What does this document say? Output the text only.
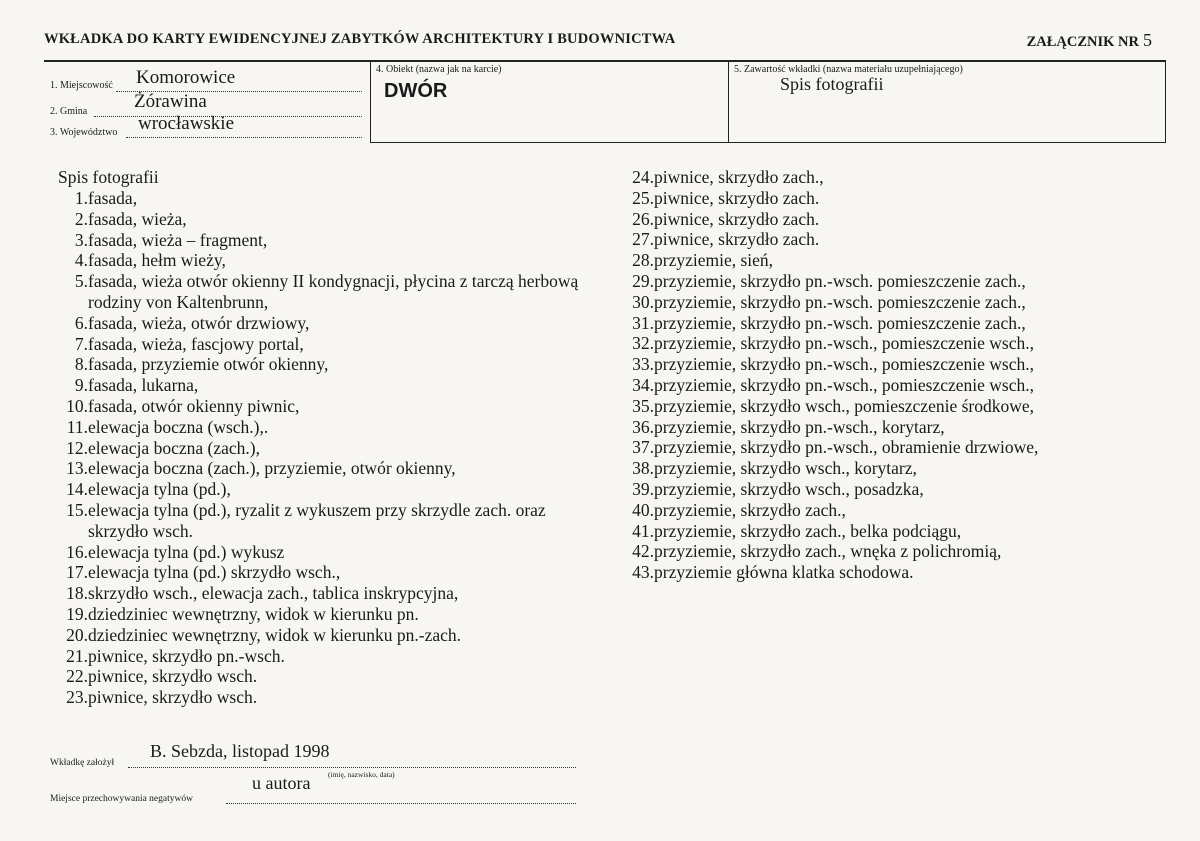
WKŁADKA DO KARTY EWIDENCYJNEJ ZABYTKÓW ARCHITEKTURY I BUDOWNICTWA	ZAŁĄCZNIK NR 5
1. Miejscowość Komorowice
2. Gmina Żórawina
3. Województwo wrocławskie
4. Obiekt (nazwa jak na karcie)
DWÓR
5. Zawartość wkładki (nazwa materiału uzupełniającego)
Spis fotografii
Spis fotografii
1. fasada,
2. fasada, wieża,
3. fasada, wieża – fragment,
4. fasada, hełm wieży,
5. fasada, wieża otwór okienny II kondygnacji, płycina z tarczą herbową rodziny von Kaltenbrunn,
6. fasada, wieża, otwór drzwiowy,
7. fasada, wieża, fascjowy portal,
8. fasada, przyziemie otwór okienny,
9. fasada, lukarna,
10. fasada, otwór okienny piwnic,
11. elewacja boczna (wsch.),.
12. elewacja boczna (zach.),
13. elewacja boczna (zach.), przyziemie, otwór okienny,
14. elewacja tylna (pd.),
15. elewacja tylna (pd.), ryzalit z wykuszem przy skrzydle zach. oraz skrzydło wsch.
16. elewacja tylna (pd.) wykusz
17. elewacja tylna (pd.) skrzydło wsch.,
18. skrzydło wsch., elewacja zach., tablica inskrypcyjna,
19. dziedziniec wewnętrzny, widok w kierunku pn.
20. dziedziniec wewnętrzny, widok w kierunku pn.-zach.
21. piwnice, skrzydło pn.-wsch.
22. piwnice, skrzydło wsch.
23. piwnice, skrzydło wsch.
24. piwnice, skrzydło zach.,
25. piwnice, skrzydło zach.
26. piwnice, skrzydło zach.
27. piwnice, skrzydło zach.
28. przyziemie, sień,
29. przyziemie, skrzydło pn.-wsch. pomieszczenie zach.,
30. przyziemie, skrzydło pn.-wsch. pomieszczenie zach.,
31. przyziemie, skrzydło pn.-wsch. pomieszczenie zach.,
32. przyziemie, skrzydło pn.-wsch., pomieszczenie wsch.,
33. przyziemie, skrzydło pn.-wsch., pomieszczenie wsch.,
34. przyziemie, skrzydło pn.-wsch., pomieszczenie wsch.,
35. przyziemie, skrzydło wsch., pomieszczenie środkowe,
36. przyziemie, skrzydło pn.-wsch., korytarz,
37. przyziemie, skrzydło pn.-wsch., obramienie drzwiowe,
38. przyziemie, skrzydło wsch., korytarz,
39. przyziemie, skrzydło wsch., posadzka,
40. przyziemie, skrzydło zach.,
41. przyziemie, skrzydło zach., belka podciągu,
42. przyziemie, skrzydło zach., wnęka z polichromią,
43. przyziemie główna klatka schodowa.
Wkładkę założył
B. Sebzda, listopad 1998
(imię, nazwisko, data)
Miejsce przechowywania negatywów
u autora
